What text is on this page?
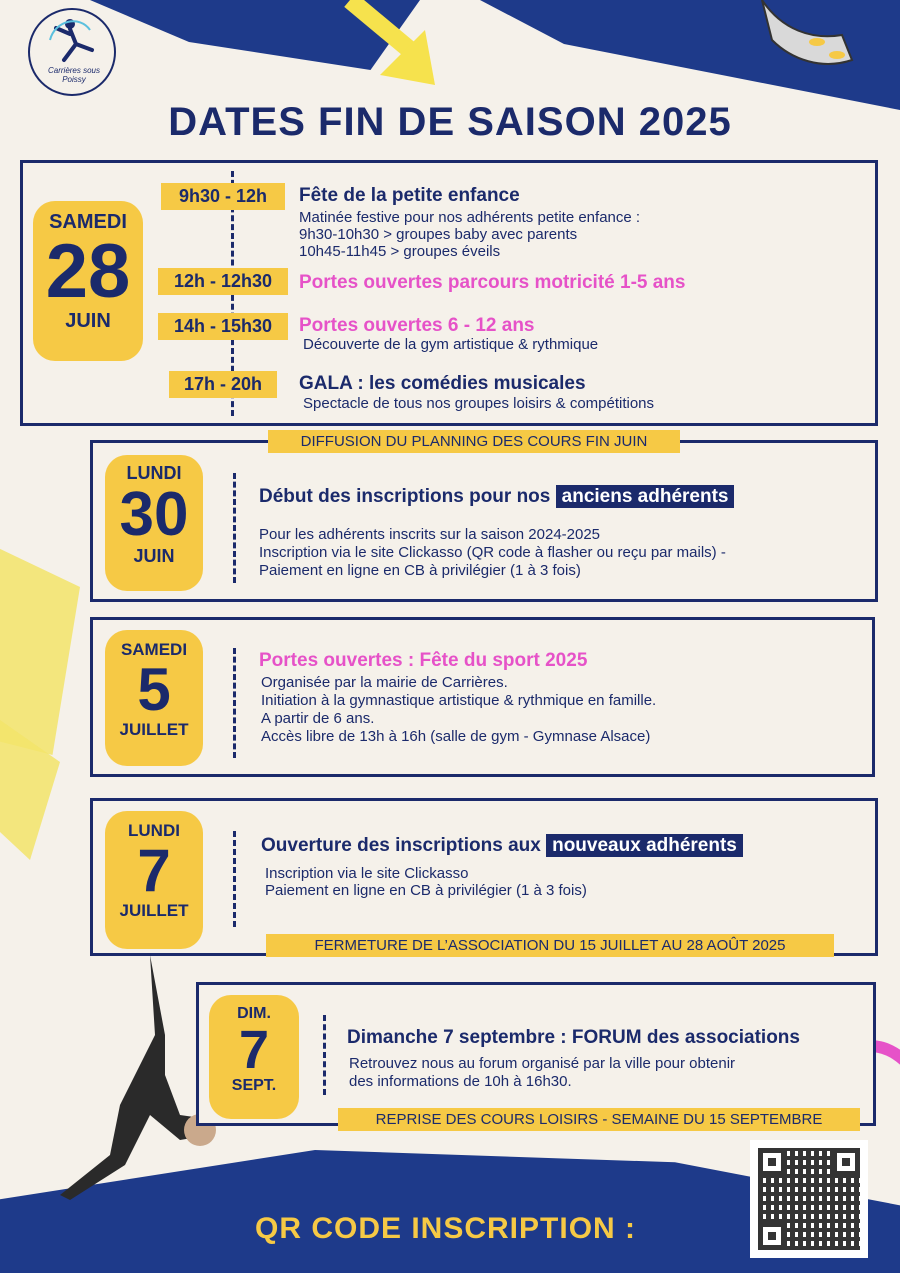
Carrières sous Poissy
DATES FIN DE SAISON 2025
SAMEDI
28
JUIN
9h30 - 12h	Fête de la petite enfance
Matinée festive pour nos adhérents petite enfance :
9h30-10h30 > groupes baby avec parents
10h45-11h45 > groupes éveils
12h - 12h30	Portes ouvertes parcours motricité 1-5 ans
14h - 15h30	Portes ouvertes 6 - 12 ans
Découverte de la gym artistique & rythmique
17h - 20h	GALA : les comédies musicales
Spectacle de tous nos groupes loisirs & compétitions
LUNDI
30
JUIN
Début des inscriptions pour nos anciens adhérents
Pour les adhérents inscrits sur la saison 2024-2025
Inscription via le site Clickasso (QR code à flasher ou reçu par mails) -
Paiement en ligne en CB à privilégier (1 à 3 fois)
DIFFUSION DU PLANNING DES COURS FIN JUIN
SAMEDI
5
JUILLET
Portes ouvertes : Fête du sport 2025
Organisée par la mairie de Carrières.
Initiation à la gymnastique artistique & rythmique en famille.
A partir de 6 ans.
Accès libre de 13h à 16h (salle de gym - Gymnase Alsace)
LUNDI
7
JUILLET
Ouverture des inscriptions aux nouveaux adhérents
Inscription via le site Clickasso
Paiement en ligne en CB à privilégier (1 à 3 fois)
FERMETURE DE L’ASSOCIATION DU 15 JUILLET AU 28 AOÛT 2025
DIM.
7
SEPT.
Dimanche 7 septembre : FORUM des associations
Retrouvez nous au forum organisé par la ville pour obtenir
des informations de 10h à 16h30.
REPRISE DES COURS LOISIRS - SEMAINE DU 15 SEPTEMBRE
QR CODE INSCRIPTION :
